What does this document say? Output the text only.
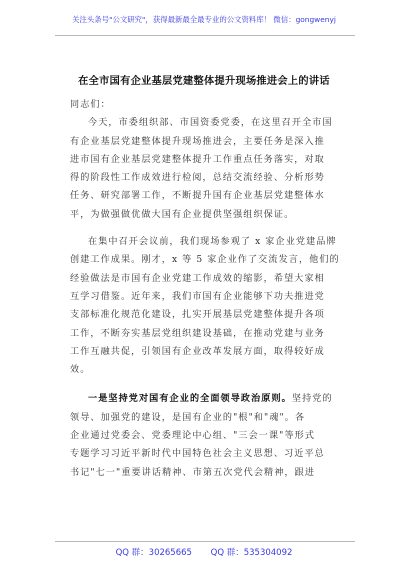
关注头条号"公文研究"，获得最新最全最专业的公文资料库！ 微信：gongwenyj
在全市国有企业基层党建整体提升现场推进会上的讲话

同志们：

今天，市委组织部、市国资委党委，在这里召开全市国
有企业基层党建整体提升现场推进会，主要任务是深入推
进市国有企业基层党建整体提升工作重点任务落实，对取
得的阶段性工作成效进行检阅，总结交流经验、分析形势
任务、研究部署工作，不断提升国有企业基层党建整体水
平，为做强做优做大国有企业提供坚强组织保证。

在集中召开会议前，我们现场参观了 x 家企业党建品牌
创建工作成果。刚才，x 等 5 家企业作了交流发言，他们的
经验做法是市国有企业党建工作成效的缩影，希望大家相
互学习借鉴。近年来，我们市国有企业能够下功夫推进党
支部标准化规范化建设，扎实开展基层党建整体提升各项
工作，不断夯实基层党组织建设基础，在推动党建与业务
工作互融共促，引领国有企业改革发展方面，取得较好成
效。

一是坚持党对国有企业的全面领导政治原则。坚持党的
领导、加强党的建设，是国有企业的"根"和"魂"。各
企业通过党委会、党委理论中心组、"三会一课"等形式
专题学习习近平新时代中国特色社会主义思想、习近平总
书记"七一"重要讲话精神、市第五次党代会精神，跟进

QQ 群：30265665 QQ 群：535304092
